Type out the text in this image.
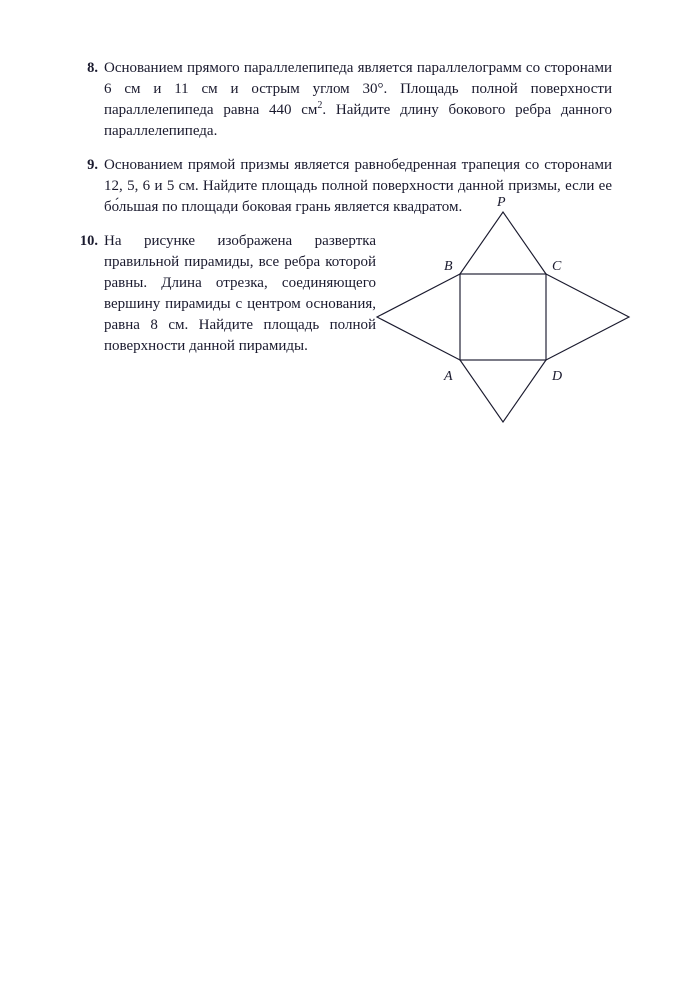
8. Основанием прямого параллелепипеда является параллелограмм со сторонами 6 см и 11 см и острым углом 30°. Площадь полной поверхности параллелепипеда равна 440 $см^2$. Найдите длину бокового ребра данного параллелепипеда.
9. Основанием прямой призмы является равнобедренная трапеция со сторонами 12, 5, 6 и 5 см. Найдите площадь полной поверхности данной призмы, если ее бо́льшая по площади боковая грань является квадратом.
10. На рисунке изображена развертка правильной пирамиды, все ребра которой равны. Длина отрезка, соединяющего вершину пирамиды с центром основания, равна 8 см. Найдите площадь полной поверхности данной пирамиды.
P
B	C
A	D
